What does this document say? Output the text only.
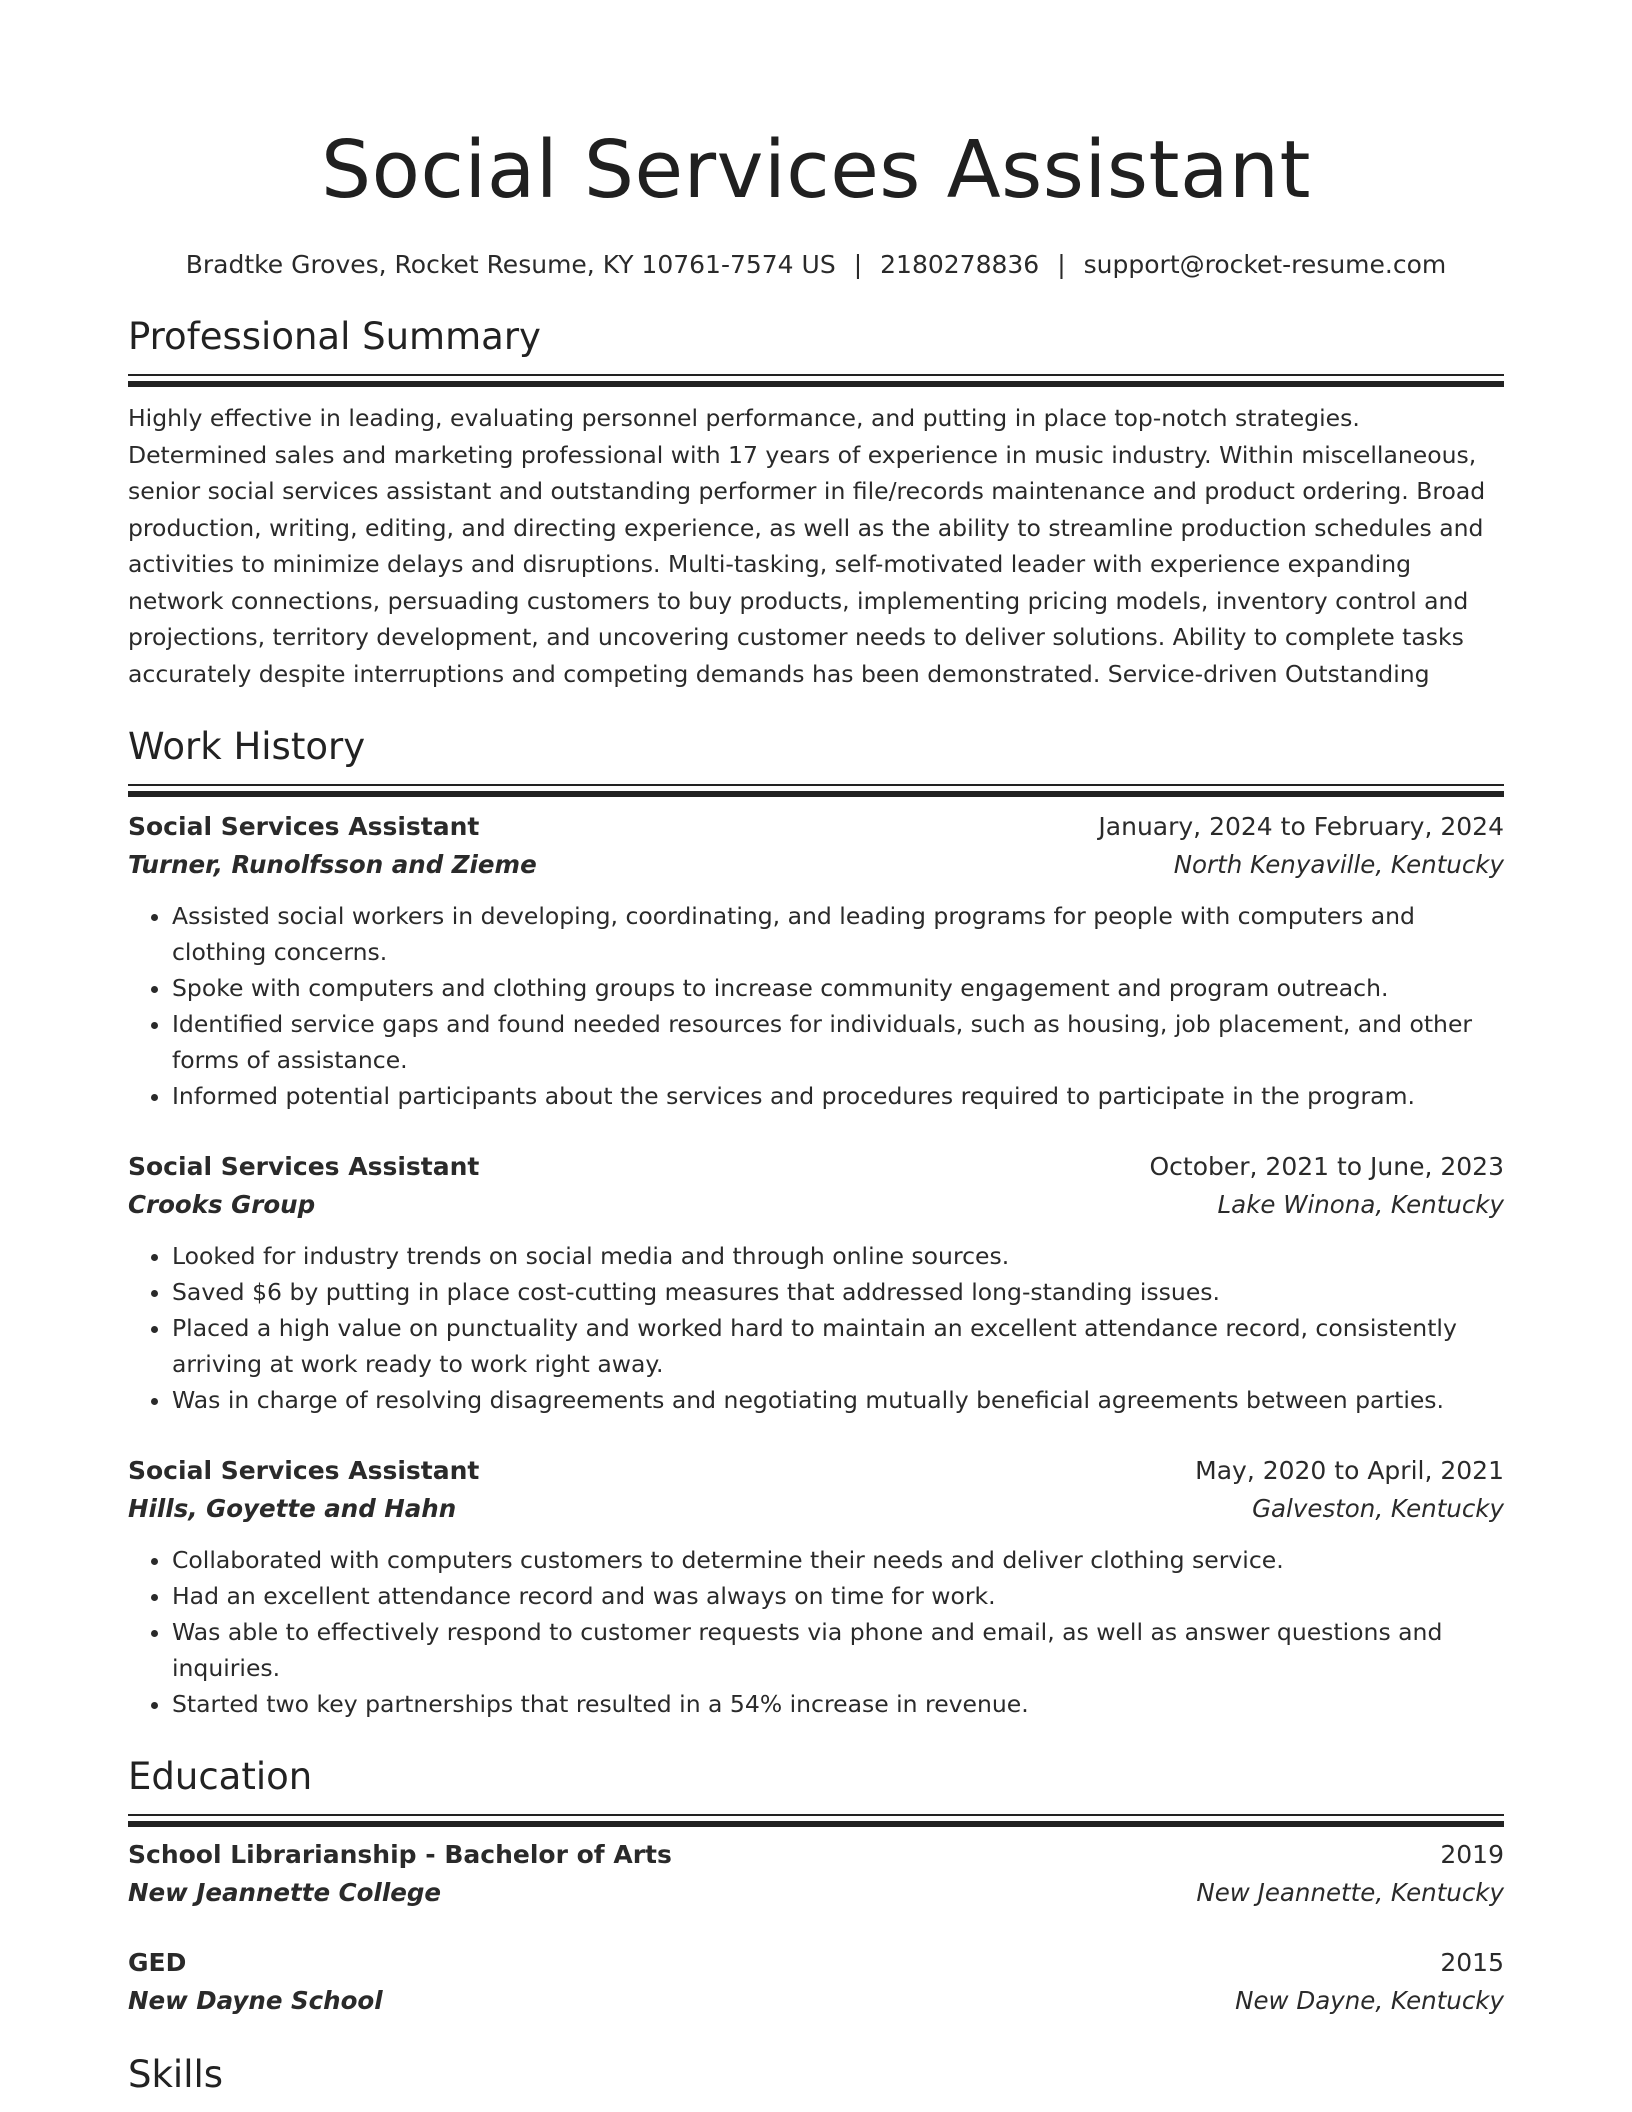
Social Services Assistant
Bradtke Groves, Rocket Resume, KY 10761-7574 US | 2180278836 | support@rocket-resume.com
Professional Summary
Highly effective in leading, evaluating personnel performance, and putting in place top-notch strategies. Determined sales and marketing professional with 17 years of experience in music industry. Within miscellaneous, senior social services assistant and outstanding performer in file/records maintenance and product ordering. Broad production, writing, editing, and directing experience, as well as the ability to streamline production schedules and activities to minimize delays and disruptions. Multi-tasking, self-motivated leader with experience expanding network connections, persuading customers to buy products, implementing pricing models, inventory control and projections, territory development, and uncovering customer needs to deliver solutions. Ability to complete tasks accurately despite interruptions and competing demands has been demonstrated. Service-driven Outstanding
Work History
Social Services Assistant	January, 2024 to February, 2024
Turner, Runolfsson and Zieme	North Kenyaville, Kentucky
• Assisted social workers in developing, coordinating, and leading programs for people with computers and clothing concerns.
• Spoke with computers and clothing groups to increase community engagement and program outreach.
• Identified service gaps and found needed resources for individuals, such as housing, job placement, and other forms of assistance.
• Informed potential participants about the services and procedures required to participate in the program.
Social Services Assistant	October, 2021 to June, 2023
Crooks Group	Lake Winona, Kentucky
• Looked for industry trends on social media and through online sources.
• Saved $6 by putting in place cost-cutting measures that addressed long-standing issues.
• Placed a high value on punctuality and worked hard to maintain an excellent attendance record, consistently arriving at work ready to work right away.
• Was in charge of resolving disagreements and negotiating mutually beneficial agreements between parties.
Social Services Assistant	May, 2020 to April, 2021
Hills, Goyette and Hahn	Galveston, Kentucky
• Collaborated with computers customers to determine their needs and deliver clothing service.
• Had an excellent attendance record and was always on time for work.
• Was able to effectively respond to customer requests via phone and email, as well as answer questions and inquiries.
• Started two key partnerships that resulted in a 54% increase in revenue.
Education
School Librarianship - Bachelor of Arts	2019
New Jeannette College	New Jeannette, Kentucky
GED	2015
New Dayne School	New Dayne, Kentucky
Skills
